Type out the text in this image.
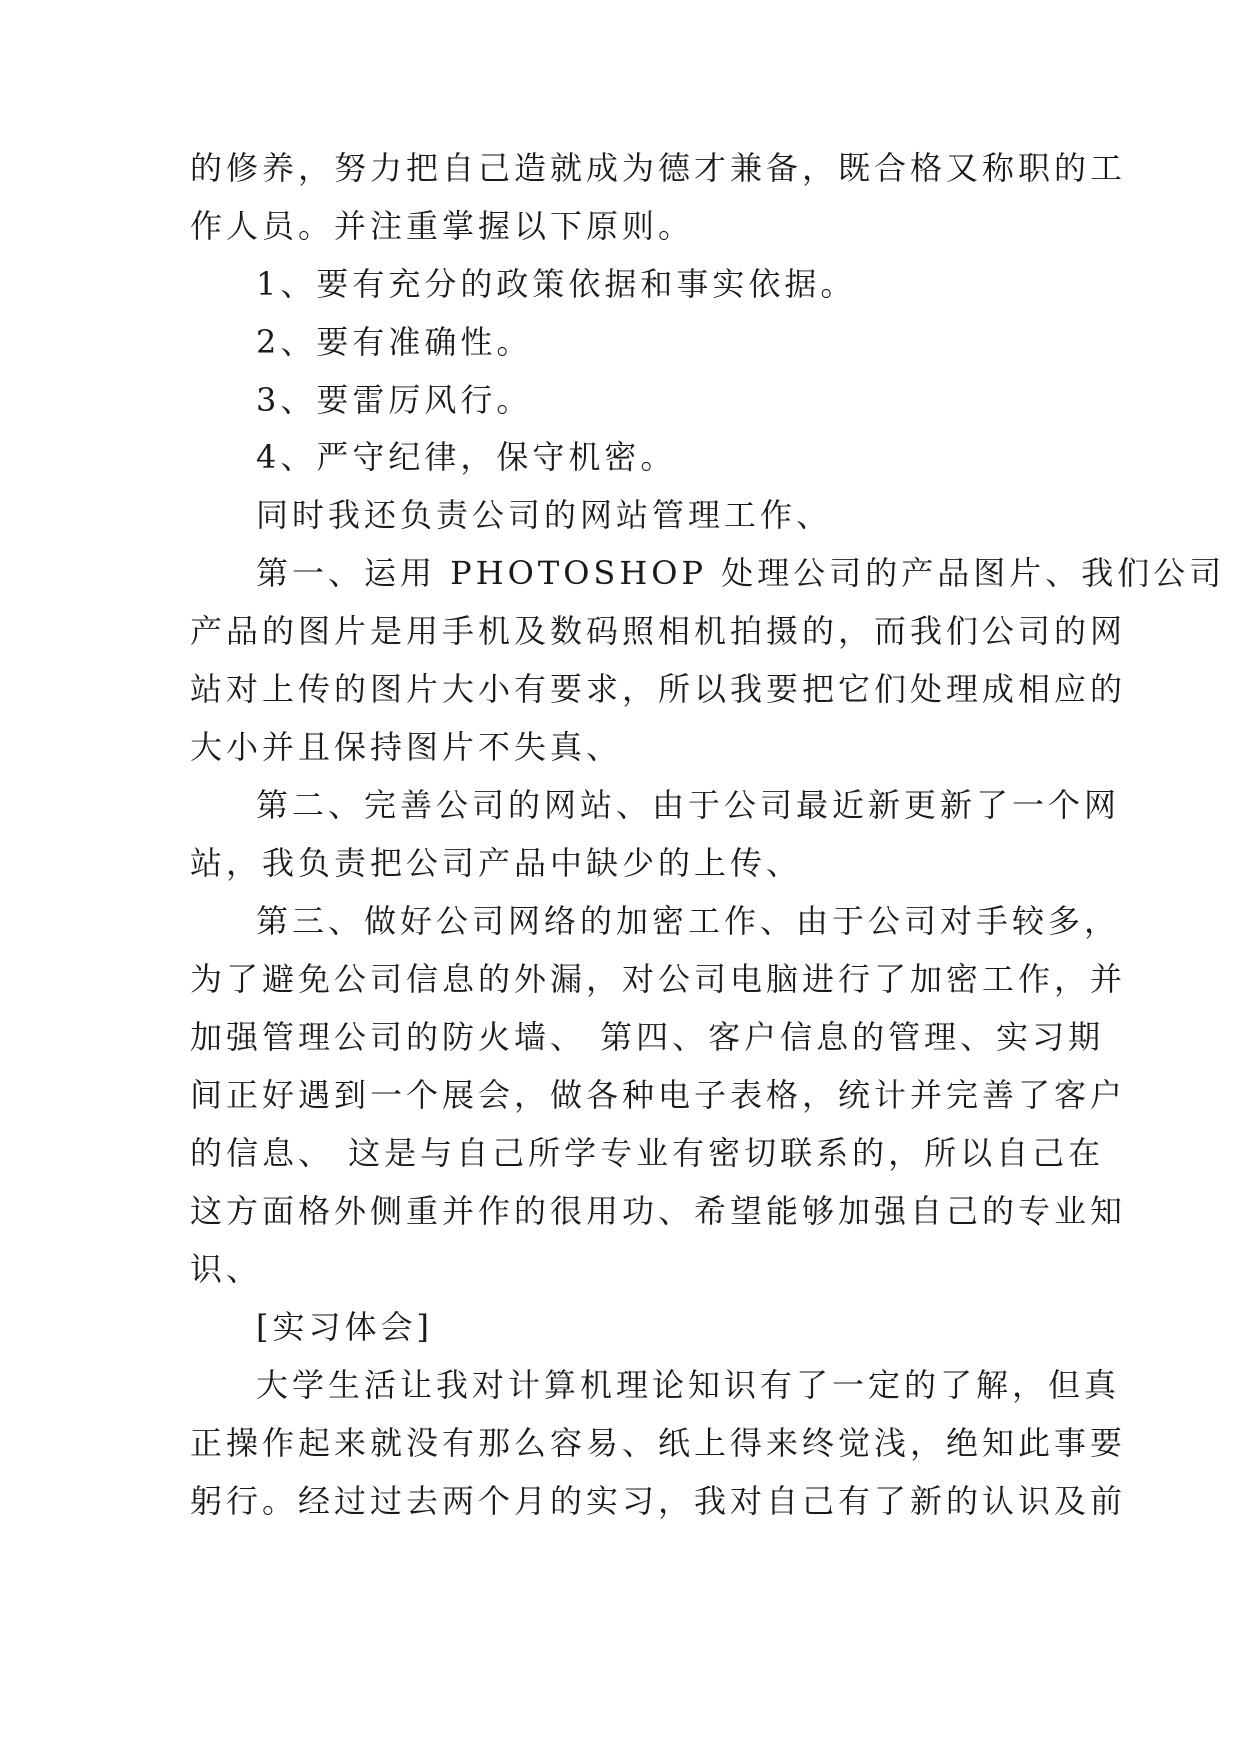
的修养，努力把自己造就成为德才兼备，既合格又称职的工
作人员。并注重掌握以下原则。
1、要有充分的政策依据和事实依据。
2、要有准确性。
3、要雷厉风行。
4、严守纪律，保守机密。
同时我还负责公司的网站管理工作、
第一、运用 PHOTOSHOP 处理公司的产品图片、我们公司
产品的图片是用手机及数码照相机拍摄的，而我们公司的网
站对上传的图片大小有要求，所以我要把它们处理成相应的
大小并且保持图片不失真、
第二、完善公司的网站、由于公司最近新更新了一个网
站，我负责把公司产品中缺少的上传、
第三、做好公司网络的加密工作、由于公司对手较多，
为了避免公司信息的外漏，对公司电脑进行了加密工作，并
加强管理公司的防火墙、 第四、客户信息的管理、实习期
间正好遇到一个展会，做各种电子表格，统计并完善了客户
的信息、 这是与自己所学专业有密切联系的，所以自己在
这方面格外侧重并作的很用功、希望能够加强自己的专业知
识、
[实习体会]
大学生活让我对计算机理论知识有了一定的了解，但真
正操作起来就没有那么容易、纸上得来终觉浅，绝知此事要
躬行。经过过去两个月的实习，我对自己有了新的认识及前
